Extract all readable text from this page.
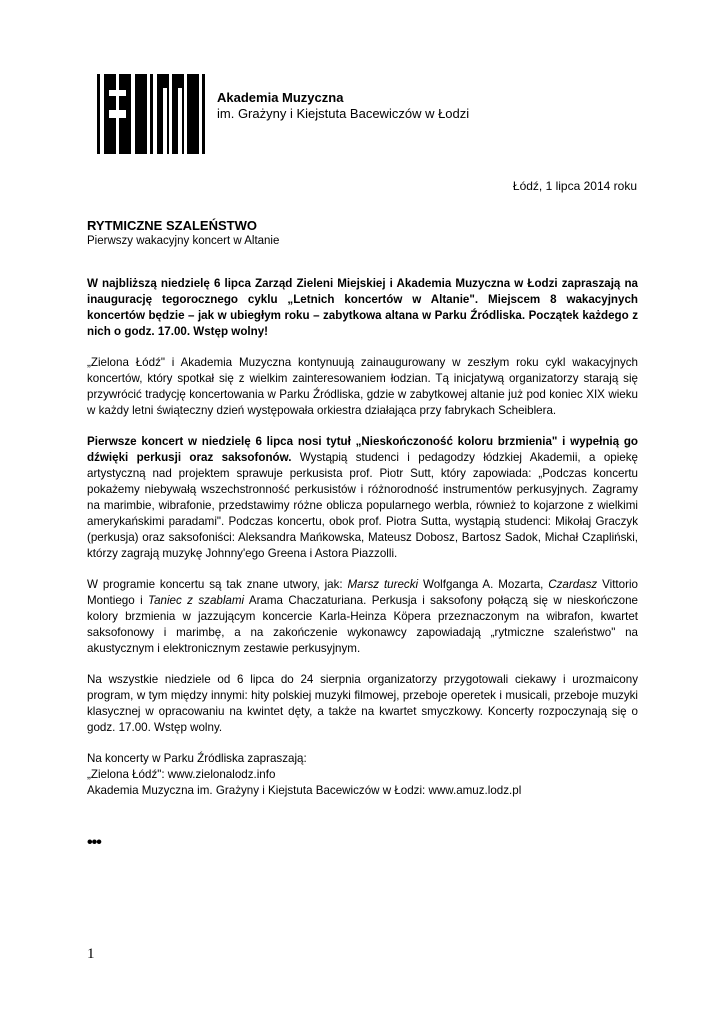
Akademia Muzyczna
im. Grażyny i Kiejstuta Bacewiczów w Łodzi
Łódź, 1 lipca 2014 roku
RYTMICZNE SZALEŃSTWO
Pierwszy wakacyjny koncert w Altanie

W najbliższą niedzielę 6 lipca Zarząd Zieleni Miejskiej i Akademia Muzyczna w Łodzi zapraszają na inaugurację tegorocznego cyklu „Letnich koncertów w Altanie". Miejscem 8 wakacyjnych koncertów będzie – jak w ubiegłym roku – zabytkowa altana w Parku Źródliska. Początek każdego z nich o godz. 17.00. Wstęp wolny!

„Zielona Łódź" i Akademia Muzyczna kontynuują zainaugurowany w zeszłym roku cykl wakacyjnych koncertów, który spotkał się z wielkim zainteresowaniem łodzian. Tą inicjatywą organizatorzy starają się przywrócić tradycję koncertowania w Parku Źródliska, gdzie w zabytkowej altanie już pod koniec XIX wieku w każdy letni świąteczny dzień występowała orkiestra działająca przy fabrykach Scheiblera.

Pierwsze koncert w niedzielę 6 lipca nosi tytuł „Nieskończoność koloru brzmienia" i wypełnią go dźwięki perkusji oraz saksofonów. Wystąpią studenci i pedagodzy łódzkiej Akademii, a opiekę artystyczną nad projektem sprawuje perkusista prof. Piotr Sutt, który zapowiada: „Podczas koncertu pokażemy niebywałą wszechstronność perkusistów i różnorodność instrumentów perkusyjnych. Zagramy na marimbie, wibrafonie, przedstawimy różne oblicza popularnego werbla, również to kojarzone z wielkimi amerykańskimi paradami". Podczas koncertu, obok prof. Piotra Sutta, wystąpią studenci: Mikołaj Graczyk (perkusja) oraz saksofoniści: Aleksandra Mańkowska, Mateusz Dobosz, Bartosz Sadok, Michał Czapliński, którzy zagrają muzykę Johnny'ego Greena i Astora Piazzolli.

W programie koncertu są tak znane utwory, jak: Marsz turecki Wolfganga A. Mozarta, Czardasz Vittorio Montiego i Taniec z szablami Arama Chaczaturiana. Perkusja i saksofony połączą się w nieskończone kolory brzmienia w jazzującym koncercie Karla-Heinza Köpera przeznaczonym na wibrafon, kwartet saksofonowy i marimbę, a na zakończenie wykonawcy zapowiadają „rytmiczne szaleństwo" na akustycznym i elektronicznym zestawie perkusyjnym.

Na wszystkie niedziele od 6 lipca do 24 sierpnia organizatorzy przygotowali ciekawy i urozmaicony program, w tym między innymi: hity polskiej muzyki filmowej, przeboje operetek i musicali, przeboje muzyki klasycznej w opracowaniu na kwintet dęty, a także na kwartet smyczkowy. Koncerty rozpoczynają się o godz. 17.00. Wstęp wolny.

Na koncerty w Parku Źródliska zapraszają:
„Zielona Łódź": www.zielonalodz.info
Akademia Muzyczna im. Grażyny i Kiejstuta Bacewiczów w Łodzi: www.amuz.lodz.pl
•••
1
